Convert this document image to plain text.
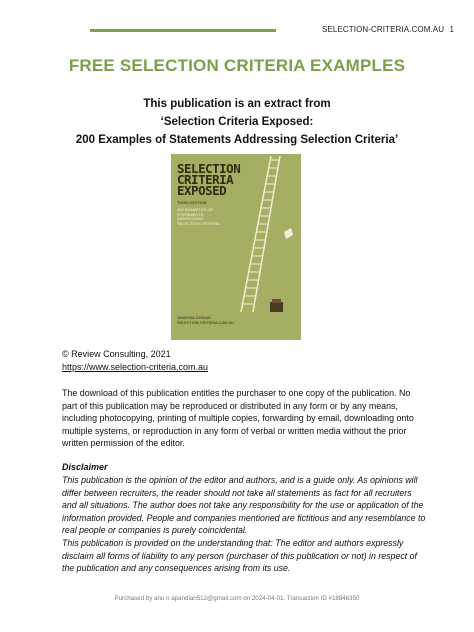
SELECTION-CRITERIA.COM.AU 1
FREE SELECTION CRITERIA EXAMPLES
This publication is an extract from
‘Selection Criteria Exposed:
200 Examples of Statements Addressing Selection Criteria’
SELECTION
CRITERIA
EXPOSED
THIRD EDITION
200 EXAMPLES OF STATEMENTS ADDRESSING SELECTION CRITERIA
VANESSA JORDAN
SELECTION-CRITERIA.COM.AU
© Review Consulting, 2021
https://www.selection-criteria.com.au
The download of this publication entitles the purchaser to one copy of the publication. No part of this publication may be reproduced or distributed in any form or by any means, including photocopying, printing of multiple copies, forwarding by email, downloading onto multiple systems, or reproduction in any form of verbal or written media without the prior written permission of the editor.
Disclaimer

This publication is the opinion of the editor and authors, and is a guide only. As opinions will differ between recruiters, the reader should not take all statements as fact for all recruiters and all situations. The author does not take any responsibility for the use or application of the information provided. People and companies mentioned are fictitious and any resemblance to real people or companies is purely coincidental.

This publication is provided on the understanding that: The editor and authors expressly disclaim all forms of liability to any person (purchaser of this publication or not) in respect of the publication and any consequences arising from its use.

Purchased by anu n apandian512@gmail.com on 2024-04-01. Transaction ID #18846350
